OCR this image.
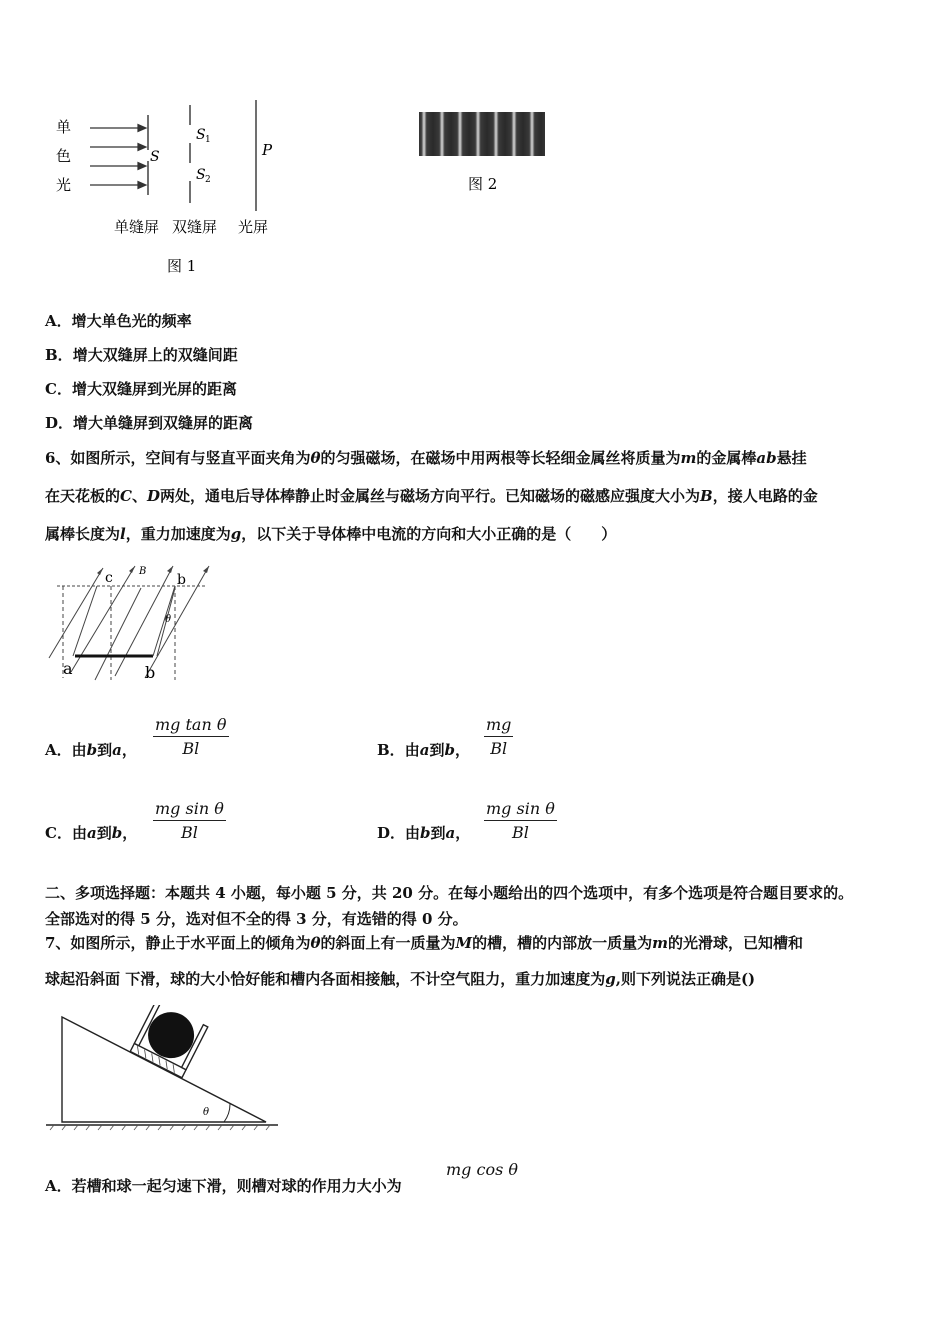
单
色
光
S
S 1
S 2
P
单缝屏 双缝屏 光屏
图 1
图 2
A．增大单色光的频率
B．增大双缝屏上的双缝间距
C．增大双缝屏到光屏的距离
D．增大单缝屏到双缝屏的距离
6、如图所示，空间有与竖直平面夹角为θ的匀强磁场，在磁场中用两根等长轻细金属丝将质量为m的金属棒ab悬挂
在天花板的C、D两处，通电后导体棒静止时金属丝与磁场方向平行。已知磁场的磁感应强度大小为B，接人电路的金
属棒长度为l，重力加速度为g，以下关于导体棒中电流的方向和大小正确的是（　　）
c	B
b
θ
a	b
A．由b到a， $\frac{\text{mg tan θ}}{Bl}$	B．由a到b， $\frac{mg}{Bl}$
C．由a到b， $\frac{\text{mg sin θ}}{Bl}$	D．由b到a， $\frac{\text{mg sin θ}}{Bl}$
二、多项选择题：本题共 4 小题，每小题 5 分，共 20 分。在每小题给出的四个选项中，有多个选项是符合题目要求的。
全部选对的得 5 分，选对但不全的得 3 分，有选错的得 0 分。
7、如图所示，静止于水平面上的倾角为θ的斜面上有一质量为M的槽，槽的内部放一质量为m的光滑球，已知槽和
球起沿斜面 下滑，球的大小恰好能和槽内各面相接触，不计空气阻力，重力加速度为g,则下列说法正确是()
θ
A．若槽和球一起匀速下滑，则槽对球的作用力大小为
mg cos θ
